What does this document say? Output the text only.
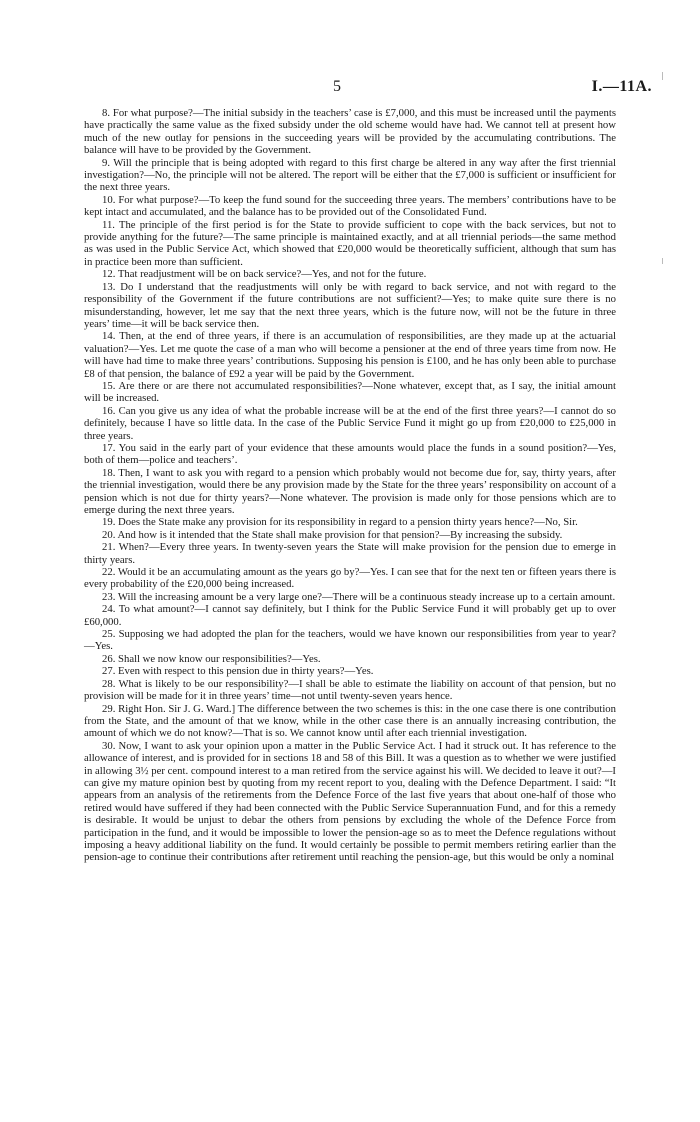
5	I.—11A.

8. For what purpose?—The initial subsidy in the teachers’ case is £7,000, and this must be increased until the payments have practically the same value as the fixed subsidy under the old scheme would have had. We cannot tell at present how much of the new outlay for pensions in the succeeding years will be provided by the accumulating contributions. The balance will have to be provided by the Government.

9. Will the principle that is being adopted with regard to this first charge be altered in any way after the first triennial investigation?—No, the principle will not be altered. The report will be either that the £7,000 is sufficient or insufficient for the next three years.

10. For what purpose?—To keep the fund sound for the succeeding three years. The members’ contributions have to be kept intact and accumulated, and the balance has to be provided out of the Consolidated Fund.

11. The principle of the first period is for the State to provide sufficient to cope with the back services, but not to provide anything for the future?—The same principle is maintained exactly, and at all triennial periods—the same method as was used in the Public Service Act, which showed that £20,000 would be theoretically sufficient, although that sum has in practice been more than sufficient.

12. That readjustment will be on back service?—Yes, and not for the future.

13. Do I understand that the readjustments will only be with regard to back service, and not with regard to the responsibility of the Government if the future contributions are not sufficient?—Yes; to make quite sure there is no misunderstanding, however, let me say that the next three years, which is the future now, will not be the future in three years’ time—it will be back service then.

14. Then, at the end of three years, if there is an accumulation of responsibilities, are they made up at the actuarial valuation?—Yes. Let me quote the case of a man who will become a pensioner at the end of three years time from now. He will have had time to make three years’ contributions. Supposing his pension is £100, and he has only been able to purchase £8 of that pension, the balance of £92 a year will be paid by the Government.

15. Are there or are there not accumulated responsibilities?—None whatever, except that, as I say, the initial amount will be increased.

16. Can you give us any idea of what the probable increase will be at the end of the first three years?—I cannot do so definitely, because I have so little data. In the case of the Public Service Fund it might go up from £20,000 to £25,000 in three years.

17. You said in the early part of your evidence that these amounts would place the funds in a sound position?—Yes, both of them—police and teachers’.

18. Then, I want to ask you with regard to a pension which probably would not become due for, say, thirty years, after the triennial investigation, would there be any provision made by the State for the three years’ responsibility on account of a pension which is not due for thirty years?—None whatever. The provision is made only for those pensions which are to emerge during the next three years.

19. Does the State make any provision for its responsibility in regard to a pension thirty years hence?—No, Sir.

20. And how is it intended that the State shall make provision for that pension?—By increasing the subsidy.

21. When?—Every three years. In twenty-seven years the State will make provision for the pension due to emerge in thirty years.

22. Would it be an accumulating amount as the years go by?—Yes. I can see that for the next ten or fifteen years there is every probability of the £20,000 being increased.

23. Will the increasing amount be a very large one?—There will be a continuous steady increase up to a certain amount.

24. To what amount?—I cannot say definitely, but I think for the Public Service Fund it will probably get up to over £60,000.

25. Supposing we had adopted the plan for the teachers, would we have known our responsibilities from year to year?—Yes.

26. Shall we now know our responsibilities?—Yes.

27. Even with respect to this pension due in thirty years?—Yes.

28. What is likely to be our responsibility?—I shall be able to estimate the liability on account of that pension, but no provision will be made for it in three years’ time—not until twenty-seven years hence.

29. Right Hon. Sir J. G. Ward.] The difference between the two schemes is this: in the one case there is one contribution from the State, and the amount of that we know, while in the other case there is an annually increasing contribution, the amount of which we do not know?—That is so. We cannot know until after each triennial investigation.

30. Now, I want to ask your opinion upon a matter in the Public Service Act. I had it struck out. It has reference to the allowance of interest, and is provided for in sections 18 and 58 of this Bill. It was a question as to whether we were justified in allowing 3½ per cent. compound interest to a man retired from the service against his will. We decided to leave it out?—I can give my mature opinion best by quoting from my recent report to you, dealing with the Defence Department. I said: “It appears from an analysis of the retirements from the Defence Force of the last five years that about one-half of those who retired would have suffered if they had been connected with the Public Service Superannuation Fund, and for this a remedy is desirable. It would be unjust to debar the others from pensions by excluding the whole of the Defence Force from participation in the fund, and it would be impossible to lower the pension-age so as to meet the Defence regulations without imposing a heavy additional liability on the fund. It would certainly be possible to permit members retiring earlier than the pension-age to continue their contributions after retirement until reaching the pension-age, but this would be only a nominal
